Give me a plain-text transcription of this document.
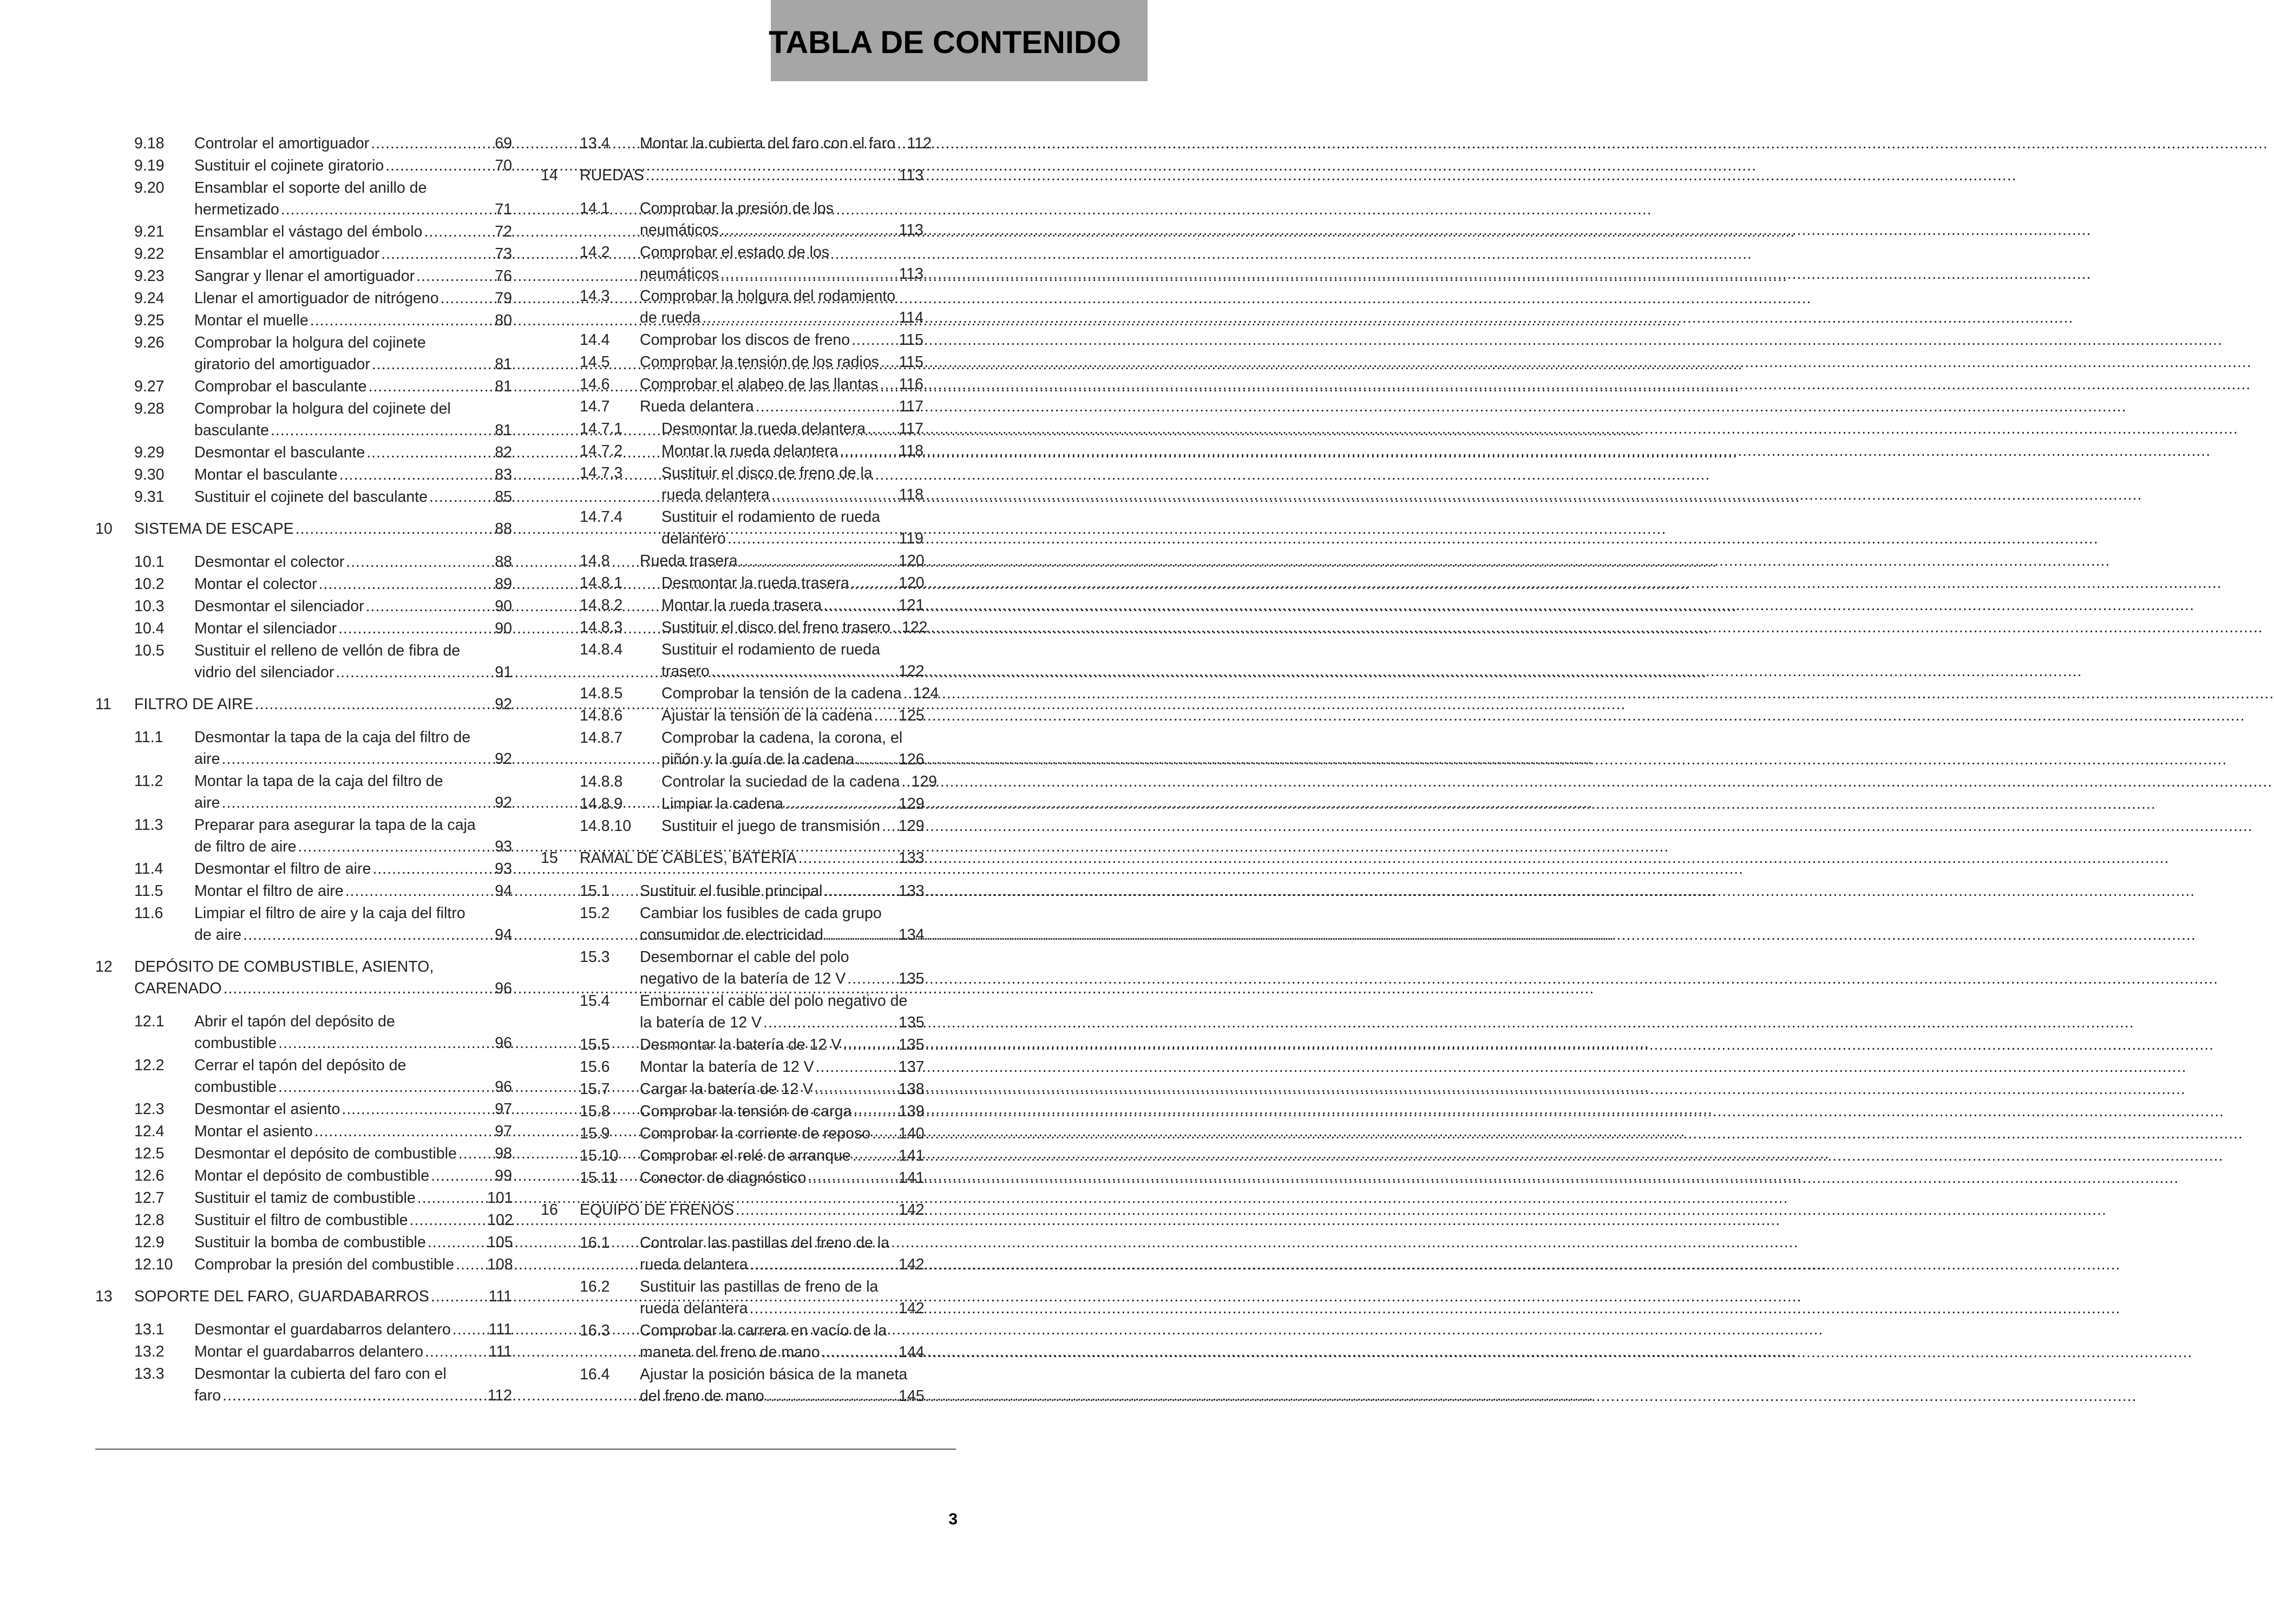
TABLA DE CONTENIDO
9.18 Controlar el amortiguador .....	69
9.19 Sustituir el cojinete giratorio .....	70
9.20 Ensamblar el soporte del anillo de
hermetizado .....	71
9.21 Ensamblar el vástago del émbolo .....	72
9.22 Ensamblar el amortiguador .....	73
9.23 Sangrar y llenar el amortiguador .....	76
9.24 Llenar el amortiguador de nitrógeno .....	79
9.25 Montar el muelle .....	80
9.26 Comprobar la holgura del cojinete
giratorio del amortiguador .....	81
9.27 Comprobar el basculante .....	81
9.28 Comprobar la holgura del cojinete del
basculante .....	81
9.29 Desmontar el basculante .....	82
9.30 Montar el basculante .....	83
9.31 Sustituir el cojinete del basculante .....	85
10 SISTEMA DE ESCAPE .....	88
10.1 Desmontar el colector .....	88
10.2 Montar el colector .....	89
10.3 Desmontar el silenciador .....	90
10.4 Montar el silenciador .....	90
10.5 Sustituir el relleno de vellón de fibra de
vidrio del silenciador .....	91
11 FILTRO DE AIRE .....	92
11.1 Desmontar la tapa de la caja del filtro de
aire .....	92
11.2 Montar la tapa de la caja del filtro de
aire .....	92
11.3 Preparar para asegurar la tapa de la caja
de filtro de aire .....	93
11.4 Desmontar el filtro de aire .....	93
11.5 Montar el filtro de aire .....	94
11.6 Limpiar el filtro de aire y la caja del filtro
de aire .....	94
12 DEPÓSITO DE COMBUSTIBLE, ASIENTO,
CARENADO .....	96
12.1 Abrir el tapón del depósito de
combustible .....	96
12.2 Cerrar el tapón del depósito de
combustible .....	96
12.3 Desmontar el asiento .....	97
12.4 Montar el asiento .....	97
12.5 Desmontar el depósito de combustible .....	98
12.6 Montar el depósito de combustible .....	99
12.7 Sustituir el tamiz de combustible .....	101
12.8 Sustituir el filtro de combustible .....	102
12.9 Sustituir la bomba de combustible .....	105
12.10 Comprobar la presión del combustible ..... 108
13 SOPORTE DEL FARO, GUARDABARROS .....	111
13.1 Desmontar el guardabarros delantero ..... 111
13.2 Montar el guardabarros delantero .....	111
13.3 Desmontar la cubierta del faro con el
faro .....	112
13.4 Montar la cubierta del faro con el faro ..... 112
14 RUEDAS .....	113
14.1 Comprobar la presión de los
neumáticos .....	113
14.2 Comprobar el estado de los
neumáticos .....	113
14.3 Comprobar la holgura del rodamiento
de rueda .....	114
14.4 Comprobar los discos de freno .....	115
14.5 Comprobar la tensión de los radios ..... 115
14.6 Comprobar el alabeo de las llantas ..... 116
14.7 Rueda delantera .....	117
14.7.1	Desmontar la rueda delantera ..... 117
14.7.2	Montar la rueda delantera .....	118
14.7.3	Sustituir el disco de freno de la
rueda delantera .....	118
14.7.4	Sustituir el rodamiento de rueda
delantero .....	119
14.8 Rueda trasera .....	120
14.8.1	Desmontar la rueda trasera .....	120
14.8.2	Montar la rueda trasera .....	121
14.8.3	Sustituir el disco del freno trasero ..... 122
14.8.4	Sustituir el rodamiento de rueda
trasero .....	122
14.8.5	Comprobar la tensión de la cadena ..... 124
14.8.6	Ajustar la tensión de la cadena ..... 125
14.8.7	Comprobar la cadena, la corona, el
piñón y la guía de la cadena .....	126
14.8.8	Controlar la suciedad de la cadena ..... 129
14.8.9	Limpiar la cadena .....	129
14.8.10 Sustituir el juego de transmisión ..... 129
15 RAMAL DE CABLES, BATERÍA .....	133
15.1 Sustituir el fusible principal .....	133
15.2 Cambiar los fusibles de cada grupo
consumidor de electricidad .....	134
15.3 Desembornar el cable del polo
negativo de la batería de 12 V .....	135
15.4 Embornar el cable del polo negativo de
la batería de 12 V .....	135
15.5 Desmontar la batería de 12 V .....	135
15.6 Montar la batería de 12 V .....	137
15.7 Cargar la batería de 12 V .....	138
15.8 Comprobar la tensión de carga .....	139
15.9 Comprobar la corriente de reposo ..... 140
15.10 Comprobar el relé de arranque .....	141
15.11 Conector de diagnóstico .....	141
16 EQUIPO DE FRENOS .....	142
16.1 Controlar las pastillas del freno de la
rueda delantera .....	142
16.2 Sustituir las pastillas de freno de la
rueda delantera .....	142
16.3 Comprobar la carrera en vacío de la
maneta del freno de mano .....	144
16.4 Ajustar la posición básica de la maneta
del freno de mano .....	145
3
